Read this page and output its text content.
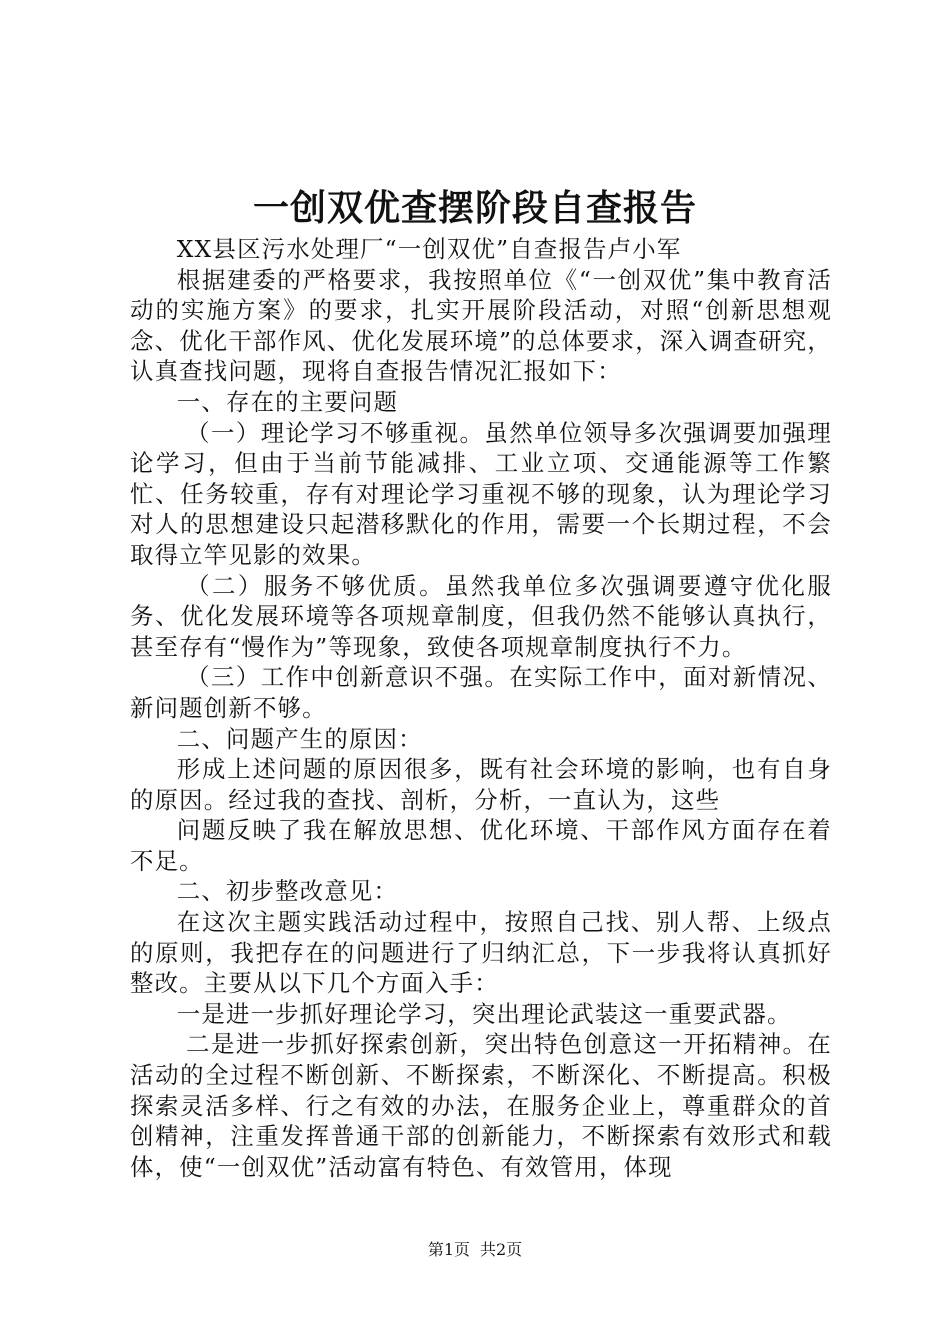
一创双优查摆阶段自查报告

XX县区污水处理厂“一创双优”自查报告卢小军

根据建委的严格要求，我按照单位《“一创双优”集中教育活动的实施方案》的要求，扎实开展阶段活动，对照“创新思想观念、优化干部作风、优化发展环境”的总体要求，深入调查研究，认真查找问题，现将自查报告情况汇报如下：

一、存在的主要问题

（一）理论学习不够重视。虽然单位领导多次强调要加强理论学习，但由于当前节能减排、工业立项、交通能源等工作繁忙、任务较重，存有对理论学习重视不够的现象，认为理论学习对人的思想建设只起潜移默化的作用，需要一个长期过程，不会取得立竿见影的效果。

（二）服务不够优质。虽然我单位多次强调要遵守优化服务、优化发展环境等各项规章制度，但我仍然不能够认真执行，甚至存有“慢作为”等现象，致使各项规章制度执行不力。

（三）工作中创新意识不强。在实际工作中，面对新情况、新问题创新不够。

二、问题产生的原因：

形成上述问题的原因很多，既有社会环境的影响，也有自身的原因。经过我的查找、剖析，分析，一直认为，这些

问题反映了我在解放思想、优化环境、干部作风方面存在着不足。

二、初步整改意见：

在这次主题实践活动过程中，按照自己找、别人帮、上级点的原则，我把存在的问题进行了归纳汇总，下一步我将认真抓好整改。主要从以下几个方面入手：

一是进一步抓好理论学习，突出理论武装这一重要武器。

二是进一步抓好探索创新，突出特色创意这一开拓精神。在活动的全过程不断创新、不断探索，不断深化、不断提高。积极探索灵活多样、行之有效的办法，在服务企业上，尊重群众的首创精神，注重发挥普通干部的创新能力，不断探索有效形式和载体，使“一创双优”活动富有特色、有效管用，体现

第1页 共2页
